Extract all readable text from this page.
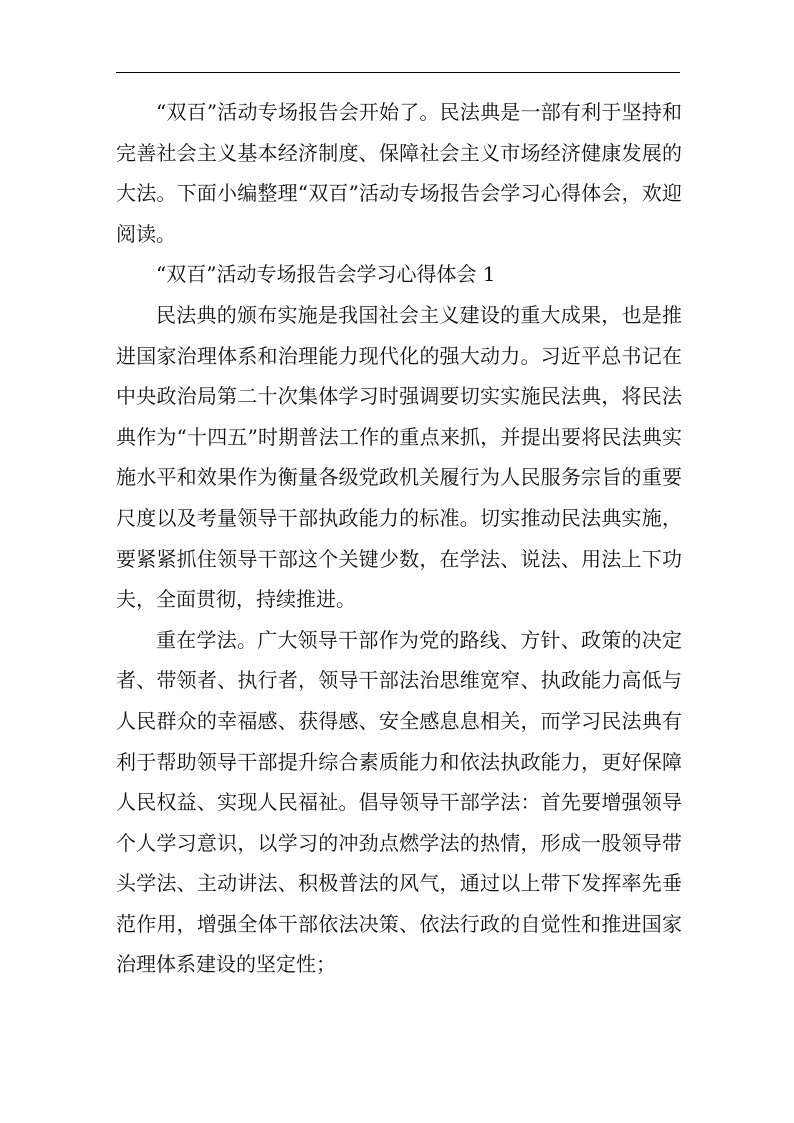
“双百”活动专场报告会开始了。民法典是一部有利于坚持和完善社会主义基本经济制度、保障社会主义市场经济健康发展的大法。下面小编整理“双百”活动专场报告会学习心得体会，欢迎阅读。

“双百”活动专场报告会学习心得体会 1

民法典的颁布实施是我国社会主义建设的重大成果，也是推进国家治理体系和治理能力现代化的强大动力。习近平总书记在中央政治局第二十次集体学习时强调要切实实施民法典，将民法典作为“十四五”时期普法工作的重点来抓，并提出要将民法典实施水平和效果作为衡量各级党政机关履行为人民服务宗旨的重要尺度以及考量领导干部执政能力的标准。切实推动民法典实施，要紧紧抓住领导干部这个关键少数，在学法、说法、用法上下功夫，全面贯彻，持续推进。

重在学法。广大领导干部作为党的路线、方针、政策的决定者、带领者、执行者，领导干部法治思维宽窄、执政能力高低与人民群众的幸福感、获得感、安全感息息相关，而学习民法典有利于帮助领导干部提升综合素质能力和依法执政能力，更好保障人民权益、实现人民福祉。倡导领导干部学法：首先要增强领导个人学习意识，以学习的冲劲点燃学法的热情，形成一股领导带头学法、主动讲法、积极普法的风气，通过以上带下发挥率先垂范作用，增强全体干部依法决策、依法行政的自觉性和推进国家治理体系建设的坚定性；
